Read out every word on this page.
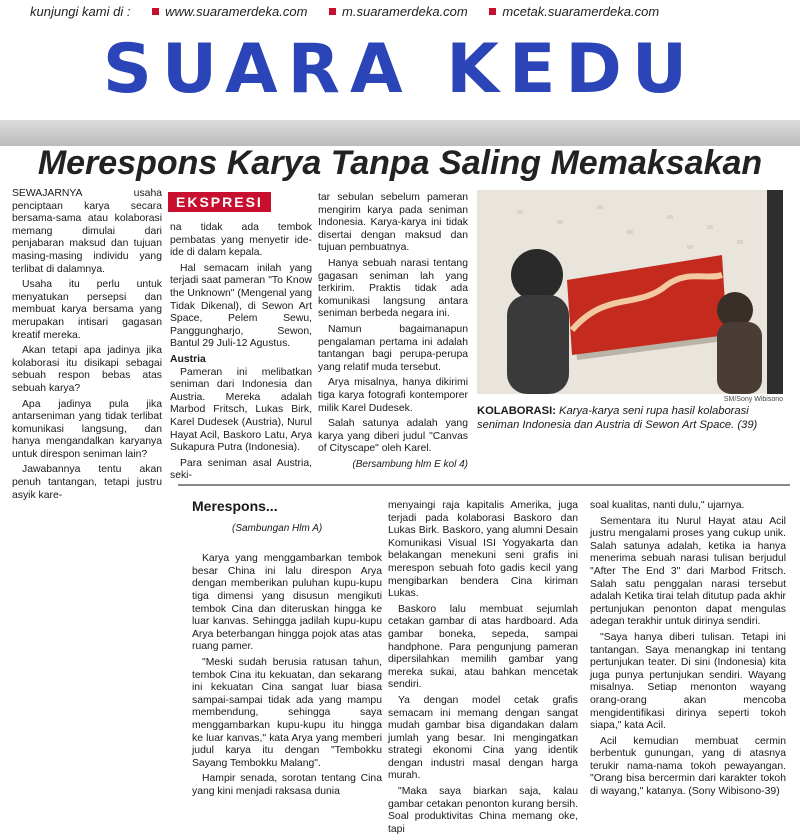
kunjungi kami di :	www.suaramerdeka.com	m.suaramerdeka.com	mcetak.suaramerdeka.com
SUARA KEDU
Merespons Karya Tanpa Saling Memaksakan

SEWAJARNYA usaha penciptaan karya secara bersama-sama atau kolaborasi memang dimulai dari penjabaran maksud dan tujuan masing-masing individu yang terlibat di dalamnya.

Usaha itu perlu untuk menyatukan persepsi dan membuat karya bersama yang merupakan intisari gagasan kreatif mereka.

Akan tetapi apa jadinya jika kolaborasi itu disikapi sebagai sebuah respon bebas atas sebuah karya?

Apa jadinya pula jika antarseniman yang tidak terlibat komunikasi langsung, dan hanya mengandalkan karyanya untuk direspon seniman lain?

Jawabannya tentu akan penuh tantangan, tetapi justru asyik kare-

EKSPRESI

na tidak ada tembok pembatas yang menyetir ide-ide di dalam kepala.

Hal semacam inilah yang terjadi saat pameran "To Know the Unknown" (Mengenal yang Tidak Dikenal), di Sewon Art Space, Pelem Sewu, Panggungharjo, Sewon, Bantul 29 Juli-12 Agustus.

Austria

Pameran ini melibatkan seniman dari Indonesia dan Austria. Mereka adalah Marbod Fritsch, Lukas Birk, Karel Dudesek (Austria), Nurul Hayat Acil, Baskoro Latu, Arya Sukapura Putra (Indonesia).

Para seniman asal Austria, seki-

tar sebulan sebelum pameran mengirim karya pada seniman Indonesia. Karya-karya ini tidak disertai dengan maksud dan tujuan pembuatnya.

Hanya sebuah narasi tentang gagasan seniman lah yang terkirim. Praktis tidak ada komunikasi langsung antara seniman berbeda negara ini.

Namun bagaimanapun pengalaman pertama ini adalah tantangan bagi perupa-perupa yang relatif muda tersebut.

Arya misalnya, hanya dikirimi tiga karya fotografi kontemporer milik Karel Dudesek.

Salah satunya adalah yang karya yang diberi judul "Canvas of Cityscape" oleh Karel.

(Bersambung hlm E kol 4)
SM/Sony Wibisono
KOLABORASI: Karya-karya seni rupa hasil kolaborasi seniman Indonesia dan Austria di Sewon Art Space. (39)
Merespons...
(Sambungan Hlm A)

Karya yang menggambarkan tembok besar China ini lalu direspon Arya dengan memberikan puluhan kupu-kupu tiga dimensi yang disusun mengikuti tembok Cina dan diteruskan hingga ke luar kanvas. Sehingga jadilah kupu-kupu Arya beterbangan hingga pojok atas atas ruang pamer.

"Meski sudah berusia ratusan tahun, tembok Cina itu kekuatan, dan sekarang ini kekuatan Cina sangat luar biasa sampai-sampai tidak ada yang mampu membendung, sehingga saya menggambarkan kupu-kupu itu hingga ke luar kanvas," kata Arya yang memberi judul karya itu dengan "Tembokku Sayang Tembokku Malang".

Hampir senada, sorotan tentang Cina yang kini menjadi raksasa dunia

menyaingi raja kapitalis Amerika, juga terjadi pada kolaborasi Baskoro dan Lukas Birk. Baskoro, yang alumni Desain Komunikasi Visual ISI Yogyakarta dan belakangan menekuni seni grafis ini merespon sebuah foto gadis kecil yang mengibarkan bendera Cina kiriman Lukas.

Baskoro lalu membuat sejumlah cetakan gambar di atas hardboard. Ada gambar boneka, sepeda, sampai handphone. Para pengunjung pameran dipersilahkan memilih gambar yang mereka sukai, atau bahkan mencetak sendiri.

Ya dengan model cetak grafis semacam ini memang dengan sangat mudah gambar bisa digandakan dalam jumlah yang besar. Ini mengingatkan strategi ekonomi Cina yang identik dengan industri masal dengan harga murah.

"Maka saya biarkan saja, kalau gambar cetakan penonton kurang bersih. Soal produktivitas China memang oke, tapi

soal kualitas, nanti dulu," ujarnya.

Sementara itu Nurul Hayat atau Acil justru mengalami proses yang cukup unik. Salah satunya adalah, ketika ia hanya menerima sebuah narasi tulisan berjudul "After The End 3" dari Marbod Fritsch. Salah satu penggalan narasi tersebut adalah Ketika tirai telah ditutup pada akhir pertunjukan penonton dapat mengulas adegan terakhir untuk dirinya sendiri.

"Saya hanya diberi tulisan. Tetapi ini tantangan. Saya menangkap ini tentang pertunjukan teater. Di sini (Indonesia) kita juga punya pertunjukan sendiri. Wayang misalnya. Setiap menonton wayang orang-orang akan mencoba mengidentifikasi dirinya seperti tokoh siapa," kata Acil.

Acil kemudian membuat cermin berbentuk gunungan, yang di atasnya terukir nama-nama tokoh pewayangan. "Orang bisa bercermin dari karakter tokoh di wayang," katanya. (Sony Wibisono-39)
